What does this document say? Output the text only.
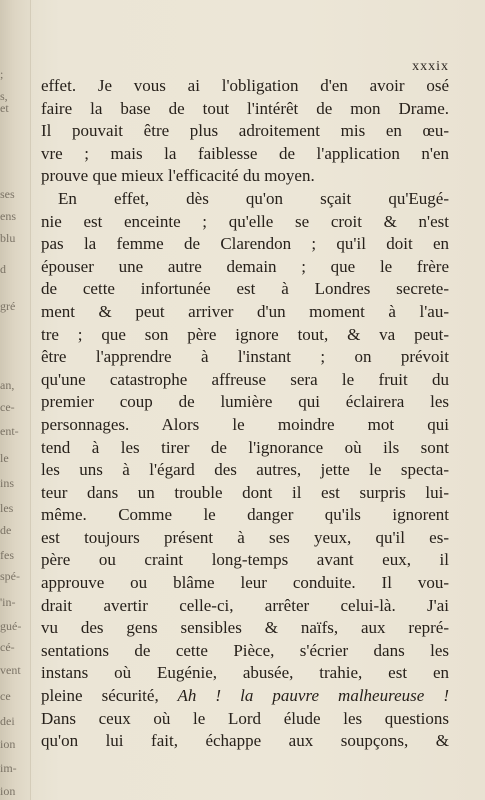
;
s,
et
ses
ens
blu
d
gré
an,
ce-
ent-
le
ins
les
de
fes
spé-
'in-
gué-
cé-
vent
ce
dei
ion
im-
ion
xxxix
effet. Je vous ai l'obligation d'en avoir osé
faire la base de tout l'intérêt de mon Drame.
Il pouvait être plus adroitement mis en œu-
vre ; mais la faiblesse de l'application n'en
prouve que mieux l'efficacité du moyen.
En effet, dès qu'on sçait qu'Eugé-
nie est enceinte ; qu'elle se croit & n'est
pas la femme de Clarendon ; qu'il doit en
épouser une autre demain ; que le frère
de cette infortunée est à Londres secrete-
ment & peut arriver d'un moment à l'au-
tre ; que son père ignore tout, & va peut-
être l'apprendre à l'instant ; on prévoit
qu'une catastrophe affreuse sera le fruit du
premier coup de lumière qui éclairera les
personnages. Alors le moindre mot qui
tend à les tirer de l'ignorance où ils sont
les uns à l'égard des autres, jette le specta-
teur dans un trouble dont il est surpris lui-
même. Comme le danger qu'ils ignorent
est toujours présent à ses yeux, qu'il es-
père ou craint long-temps avant eux, il
approuve ou blâme leur conduite. Il vou-
drait avertir celle-ci, arrêter celui-là. J'ai
vu des gens sensibles & naïfs, aux repré-
sentations de cette Pièce, s'écrier dans les
instans où Eugénie, abusée, trahie, est en
pleine sécurité, Ah ! la pauvre malheureuse !
Dans ceux où le Lord élude les questions
qu'on lui fait, échappe aux soupçons, &
